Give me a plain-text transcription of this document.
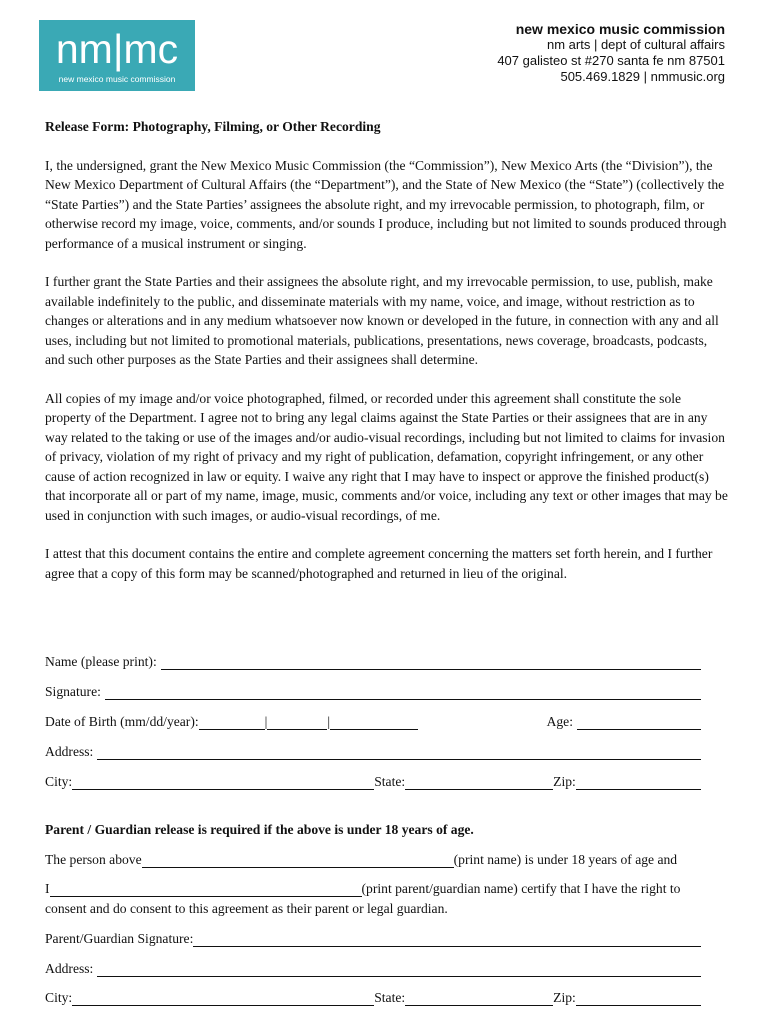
nm|mc
new mexico music commission
new mexico music commission
nm arts | dept of cultural affairs
407 galisteo st #270 santa fe nm 87501
505.469.1829 | nmmusic.org
Release Form: Photography, Filming, or Other Recording
I, the undersigned, grant the New Mexico Music Commission (the “Commission”), New Mexico Arts (the “Division”), the New Mexico Department of Cultural Affairs (the “Department”), and the State of New Mexico (the “State”) (collectively the “State Parties”) and the State Parties’ assignees the absolute right, and my irrevocable permission, to photograph, film, or otherwise record my image, voice, comments, and/or sounds I produce, including but not limited to sounds produced through performance of a musical instrument or singing.
I further grant the State Parties and their assignees the absolute right, and my irrevocable permission, to use, publish, make available indefinitely to the public, and disseminate materials with my name, voice, and image, without restriction as to changes or alterations and in any medium whatsoever now known or developed in the future, in connection with any and all uses, including but not limited to promotional materials, publications, presentations, news coverage, broadcasts, podcasts, and such other purposes as the State Parties and their assignees shall determine.
All copies of my image and/or voice photographed, filmed, or recorded under this agreement shall constitute the sole property of the Department. I agree not to bring any legal claims against the State Parties or their assignees that are in any way related to the taking or use of the images and/or audio-visual recordings, including but not limited to claims for invasion of privacy, violation of my right of privacy and my right of publication, defamation, copyright infringement, or any other cause of action recognized in law or equity. I waive any right that I may have to inspect or approve the finished product(s) that incorporate all or part of my name, image, music, comments and/or voice, including any text or other images that may be used in conjunction with such images, or audio-visual recordings, of me.
I attest that this document contains the entire and complete agreement concerning the matters set forth herein, and I further agree that a copy of this form may be scanned/photographed and returned in lieu of the original.
Name (please print):
Signature:
Date of Birth (mm/dd/year):	|	|	Age:
Address:
City:	State:	Zip:
Parent / Guardian release is required if the above is under 18 years of age.
The person above	(print name) is under 18 years of age and
I	(print parent/guardian name) certify that I have the right to
consent and do consent to this agreement as their parent or legal guardian.
Parent/Guardian Signature:
Address:
City:	State:	Zip:
